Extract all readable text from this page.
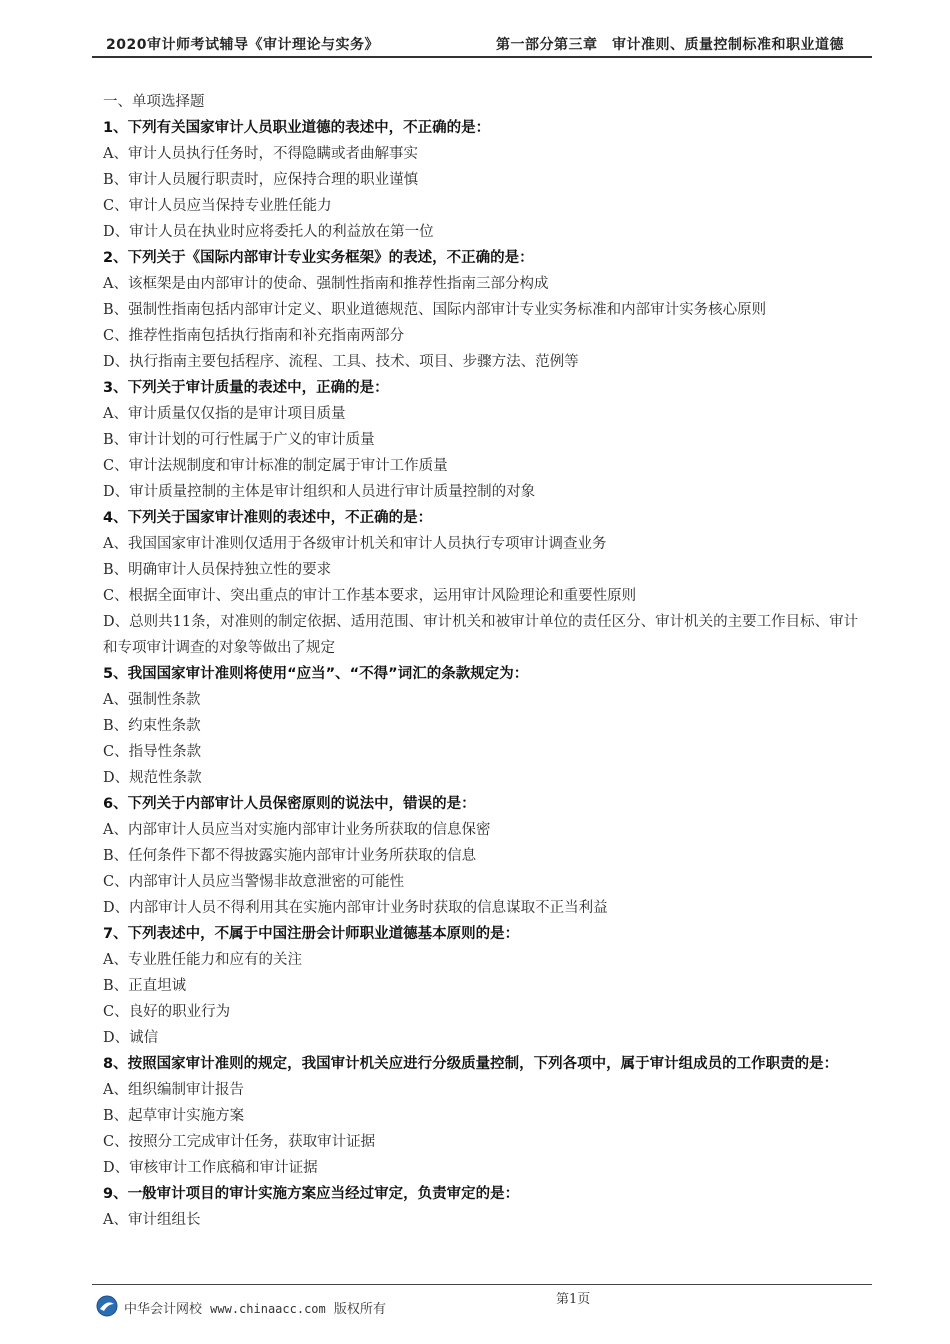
2020审计师考试辅导《审计理论与实务》	第一部分第三章　审计准则、质量控制标准和职业道德
一、单项选择题
1、下列有关国家审计人员职业道德的表述中，不正确的是：
A、审计人员执行任务时，不得隐瞒或者曲解事实
B、审计人员履行职责时，应保持合理的职业谨慎
C、审计人员应当保持专业胜任能力
D、审计人员在执业时应将委托人的利益放在第一位
2、下列关于《国际内部审计专业实务框架》的表述，不正确的是：
A、该框架是由内部审计的使命、强制性指南和推荐性指南三部分构成
B、强制性指南包括内部审计定义、职业道德规范、国际内部审计专业实务标准和内部审计实务核心原则
C、推荐性指南包括执行指南和补充指南两部分
D、执行指南主要包括程序、流程、工具、技术、项目、步骤方法、范例等
3、下列关于审计质量的表述中，正确的是：
A、审计质量仅仅指的是审计项目质量
B、审计计划的可行性属于广义的审计质量
C、审计法规制度和审计标准的制定属于审计工作质量
D、审计质量控制的主体是审计组织和人员进行审计质量控制的对象
4、下列关于国家审计准则的表述中，不正确的是：
A、我国国家审计准则仅适用于各级审计机关和审计人员执行专项审计调查业务
B、明确审计人员保持独立性的要求
C、根据全面审计、突出重点的审计工作基本要求，运用审计风险理论和重要性原则
D、总则共11条，对准则的制定依据、适用范围、审计机关和被审计单位的责任区分、审计机关的主要工作目标、审计和专项审计调查的对象等做出了规定
5、我国国家审计准则将使用“应当”、“不得”词汇的条款规定为：
A、强制性条款
B、约束性条款
C、指导性条款
D、规范性条款
6、下列关于内部审计人员保密原则的说法中，错误的是：
A、内部审计人员应当对实施内部审计业务所获取的信息保密
B、任何条件下都不得披露实施内部审计业务所获取的信息
C、内部审计人员应当警惕非故意泄密的可能性
D、内部审计人员不得利用其在实施内部审计业务时获取的信息谋取不正当利益
7、下列表述中，不属于中国注册会计师职业道德基本原则的是：
A、专业胜任能力和应有的关注
B、正直坦诚
C、良好的职业行为
D、诚信
8、按照国家审计准则的规定，我国审计机关应进行分级质量控制，下列各项中，属于审计组成员的工作职责的是：
A、组织编制审计报告
B、起草审计实施方案
C、按照分工完成审计任务，获取审计证据
D、审核审计工作底稿和审计证据
9、一般审计项目的审计实施方案应当经过审定，负责审定的是：
A、审计组组长
第1页
中华会计网校 www.chinaacc.com 版权所有
